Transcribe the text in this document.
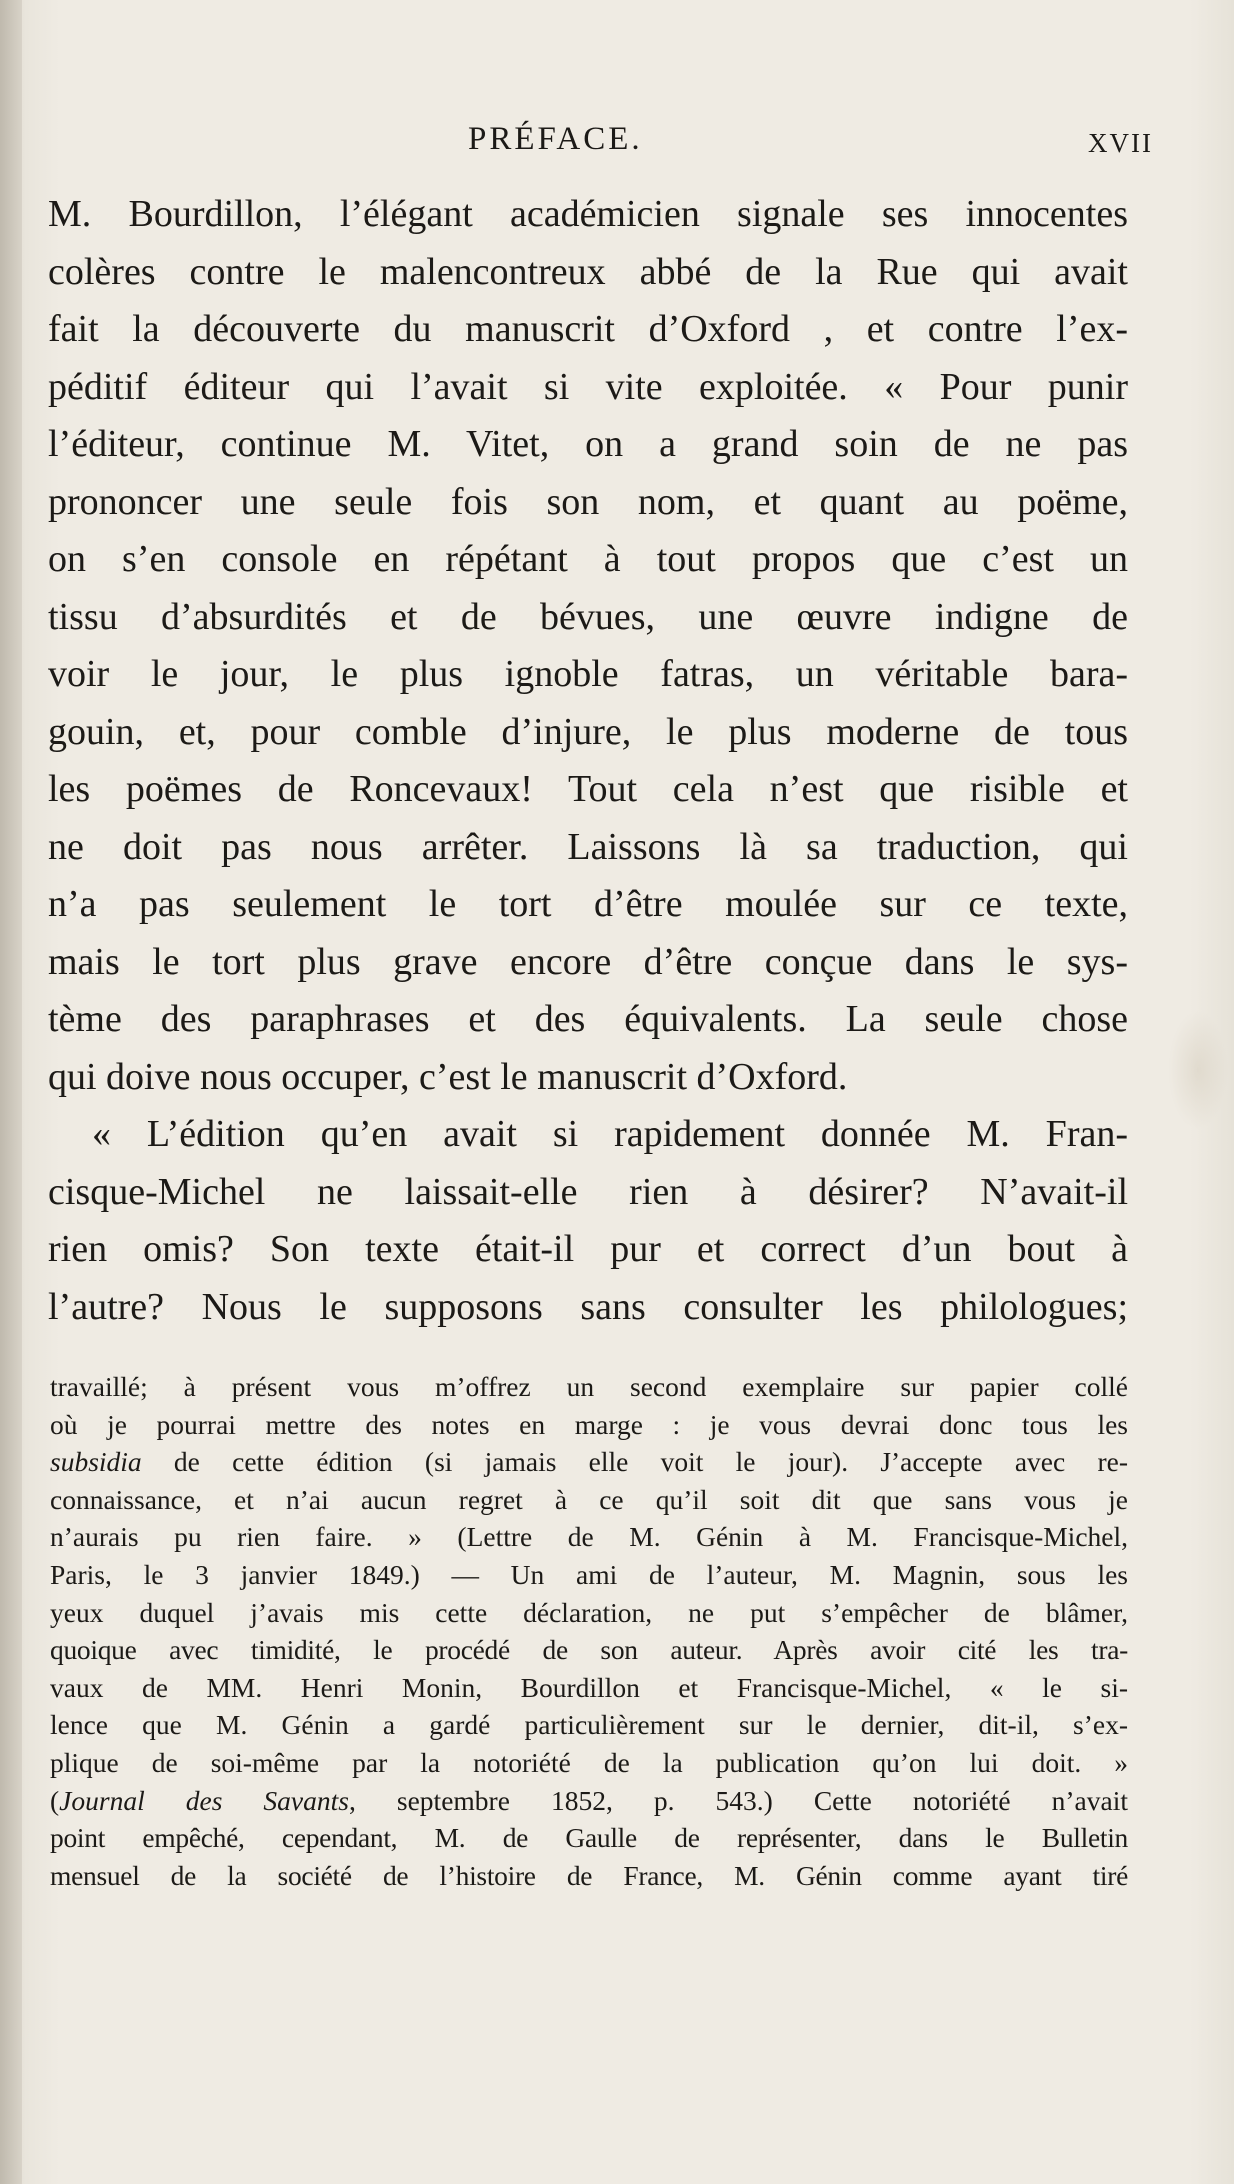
PRÉFACE.	XVII
M. Bourdillon, l’élégant académicien signale ses innocentes
colères contre le malencontreux abbé de la Rue qui avait
fait la découverte du manuscrit d’Oxford , et contre l’ex-
péditif éditeur qui l’avait si vite exploitée. « Pour punir
l’éditeur, continue M. Vitet, on a grand soin de ne pas
prononcer une seule fois son nom, et quant au poëme,
on s’en console en répétant à tout propos que c’est un
tissu d’absurdités et de bévues, une œuvre indigne de
voir le jour, le plus ignoble fatras, un véritable bara-
gouin, et, pour comble d’injure, le plus moderne de tous
les poëmes de Roncevaux! Tout cela n’est que risible et
ne doit pas nous arrêter. Laissons là sa traduction, qui
n’a pas seulement le tort d’être moulée sur ce texte,
mais le tort plus grave encore d’être conçue dans le sys-
tème des paraphrases et des équivalents. La seule chose
qui doive nous occuper, c’est le manuscrit d’Oxford.
« L’édition qu’en avait si rapidement donnée M. Fran-
cisque-Michel ne laissait-elle rien à désirer? N’avait-il
rien omis? Son texte était-il pur et correct d’un bout à
l’autre? Nous le supposons sans consulter les philologues;
travaillé; à présent vous m’offrez un second exemplaire sur papier collé
où je pourrai mettre des notes en marge : je vous devrai donc tous les
subsidia de cette édition (si jamais elle voit le jour). J’accepte avec re-
connaissance, et n’ai aucun regret à ce qu’il soit dit que sans vous je
n’aurais pu rien faire. » (Lettre de M. Génin à M. Francisque-Michel,
Paris, le 3 janvier 1849.) — Un ami de l’auteur, M. Magnin, sous les
yeux duquel j’avais mis cette déclaration, ne put s’empêcher de blâmer,
quoique avec timidité, le procédé de son auteur. Après avoir cité les tra-
vaux de MM. Henri Monin, Bourdillon et Francisque-Michel, « le si-
lence que M. Génin a gardé particulièrement sur le dernier, dit-il, s’ex-
plique de soi-même par la notoriété de la publication qu’on lui doit. »
(Journal des Savants, septembre 1852, p. 543.) Cette notoriété n’avait
point empêché, cependant, M. de Gaulle de représenter, dans le Bulletin
mensuel de la société de l’histoire de France, M. Génin comme ayant tiré
